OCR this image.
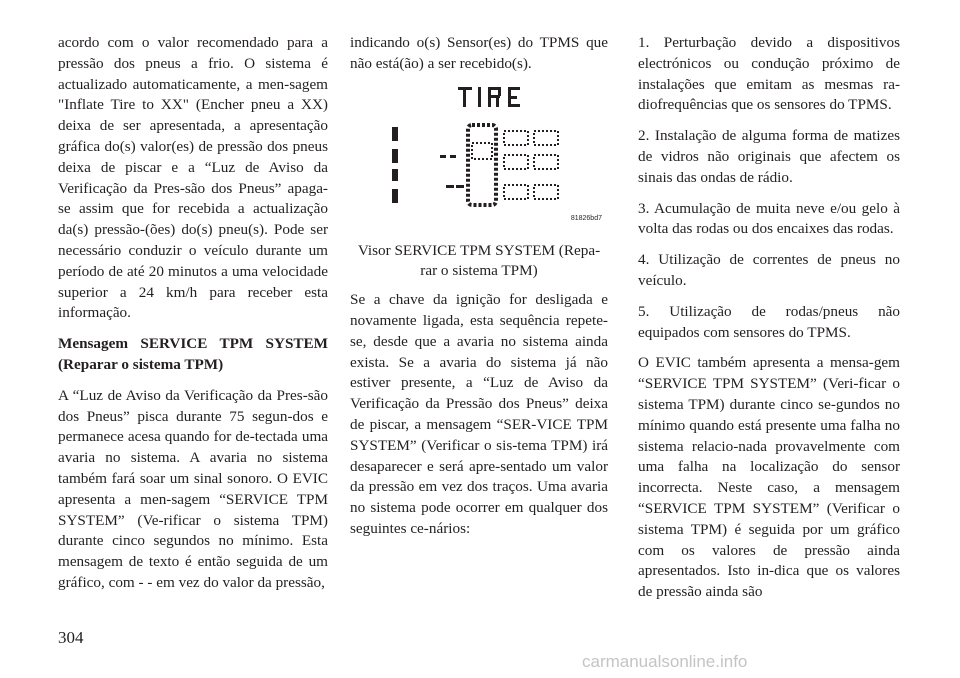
acordo com o valor recomendado para a pressão dos pneus a frio. O sistema é actualizado automaticamente, a men-sagem "Inflate Tire to XX" (Encher pneu a XX) deixa de ser apresentada, a apresentação gráfica do(s) valor(es) de pressão dos pneus deixa de piscar e a “Luz de Aviso da Verificação da Pres-são dos Pneus” apaga-se assim que for recebida a actualização da(s) pressão-(ões) do(s) pneu(s). Pode ser necessário conduzir o veículo durante um período de até 20 minutos a uma velocidade superior a 24 km/h para receber esta informação.

Mensagem SERVICE TPM SYSTEM (Reparar o sistema TPM)

A “Luz de Aviso da Verificação da Pres-são dos Pneus” pisca durante 75 segun-dos e permanece acesa quando for de-tectada uma avaria no sistema. A avaria no sistema também fará soar um sinal sonoro. O EVIC apresenta a men-sagem “SERVICE TPM SYSTEM” (Ve-rificar o sistema TPM) durante cinco segundos no mínimo. Esta mensagem de texto é então seguida de um gráfico, com - - em vez do valor da pressão,

indicando o(s) Sensor(es) do TPMS que não está(ão) a ser recebido(s).

81826bd7

Visor SERVICE TPM SYSTEM (Repa-rar o sistema TPM)

Se a chave da ignição for desligada e novamente ligada, esta sequência repete-se, desde que a avaria no sistema ainda exista. Se a avaria do sistema já não estiver presente, a “Luz de Aviso da Verificação da Pressão dos Pneus” deixa de piscar, a mensagem “SER-VICE TPM SYSTEM” (Verificar o sis-tema TPM) irá desaparecer e será apre-sentado um valor da pressão em vez dos traços. Uma avaria no sistema pode ocorrer em qualquer dos seguintes ce-nários:

1. Perturbação devido a dispositivos electrónicos ou condução próximo de instalações que emitam as mesmas ra-diofrequências que os sensores do TPMS.

2. Instalação de alguma forma de matizes de vidros não originais que afectem os sinais das ondas de rádio.

3. Acumulação de muita neve e/ou gelo à volta das rodas ou dos encaixes das rodas.

4. Utilização de correntes de pneus no veículo.

5. Utilização de rodas/pneus não equipados com sensores do TPMS.

O EVIC também apresenta a mensa-gem “SERVICE TPM SYSTEM” (Veri-ficar o sistema TPM) durante cinco se-gundos no mínimo quando está presente uma falha no sistema relacio-nada provavelmente com uma falha na localização do sensor incorrecta. Neste caso, a mensagem “SERVICE TPM SYSTEM” (Verificar o sistema TPM) é seguida por um gráfico com os valores de pressão ainda apresentados. Isto in-dica que os valores de pressão ainda são

304
carmanualsonline.info
